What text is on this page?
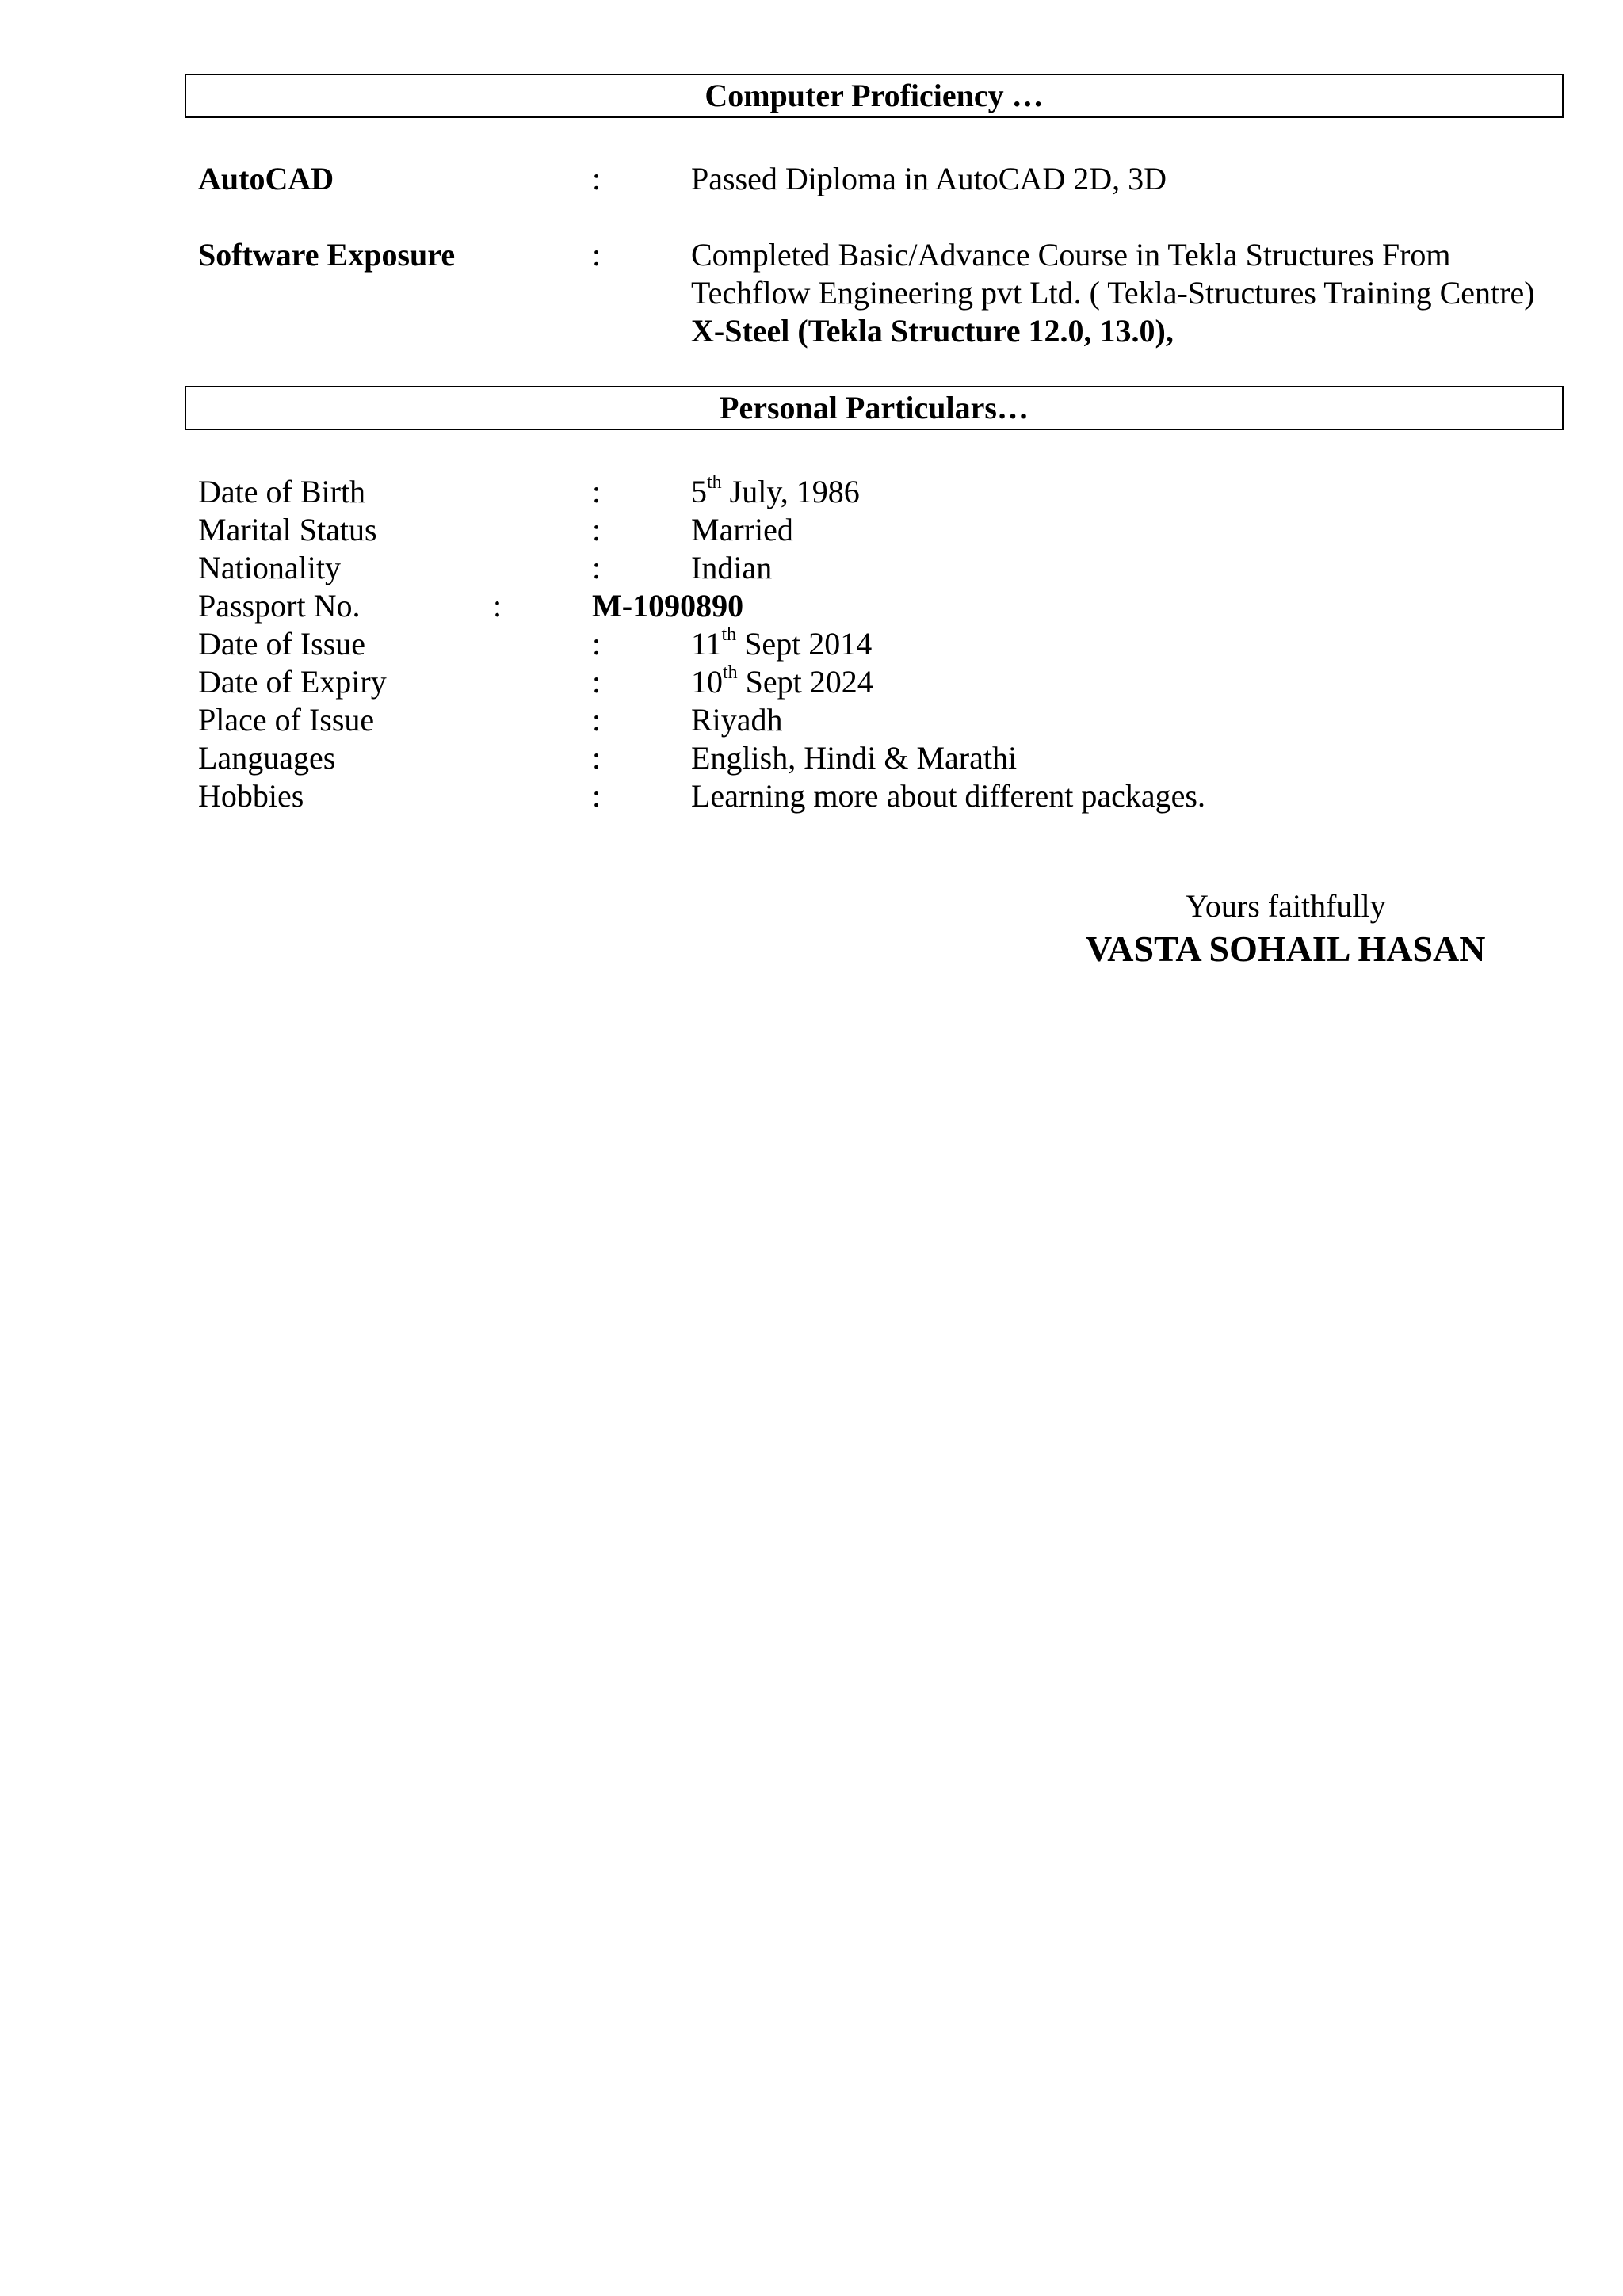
Computer Proficiency …
AutoCAD	:	Passed Diploma in AutoCAD 2D, 3D
Software Exposure	:	Completed Basic/Advance Course in Tekla Structures From
Techflow Engineering pvt Ltd. ( Tekla-Structures Training Centre)
X-Steel (Tekla Structure 12.0, 13.0),
Personal Particulars…
Date of Birth	:	5th July, 1986
Marital Status	:	Married
Nationality	:	Indian
Passport No.	:	M-1090890
Date of Issue	:	11th Sept 2014
Date of Expiry	:	10th Sept 2024
Place of Issue	:	Riyadh
Languages	:	English, Hindi & Marathi
Hobbies	:	Learning more about different packages.
Yours faithfully
VASTA SOHAIL HASAN
